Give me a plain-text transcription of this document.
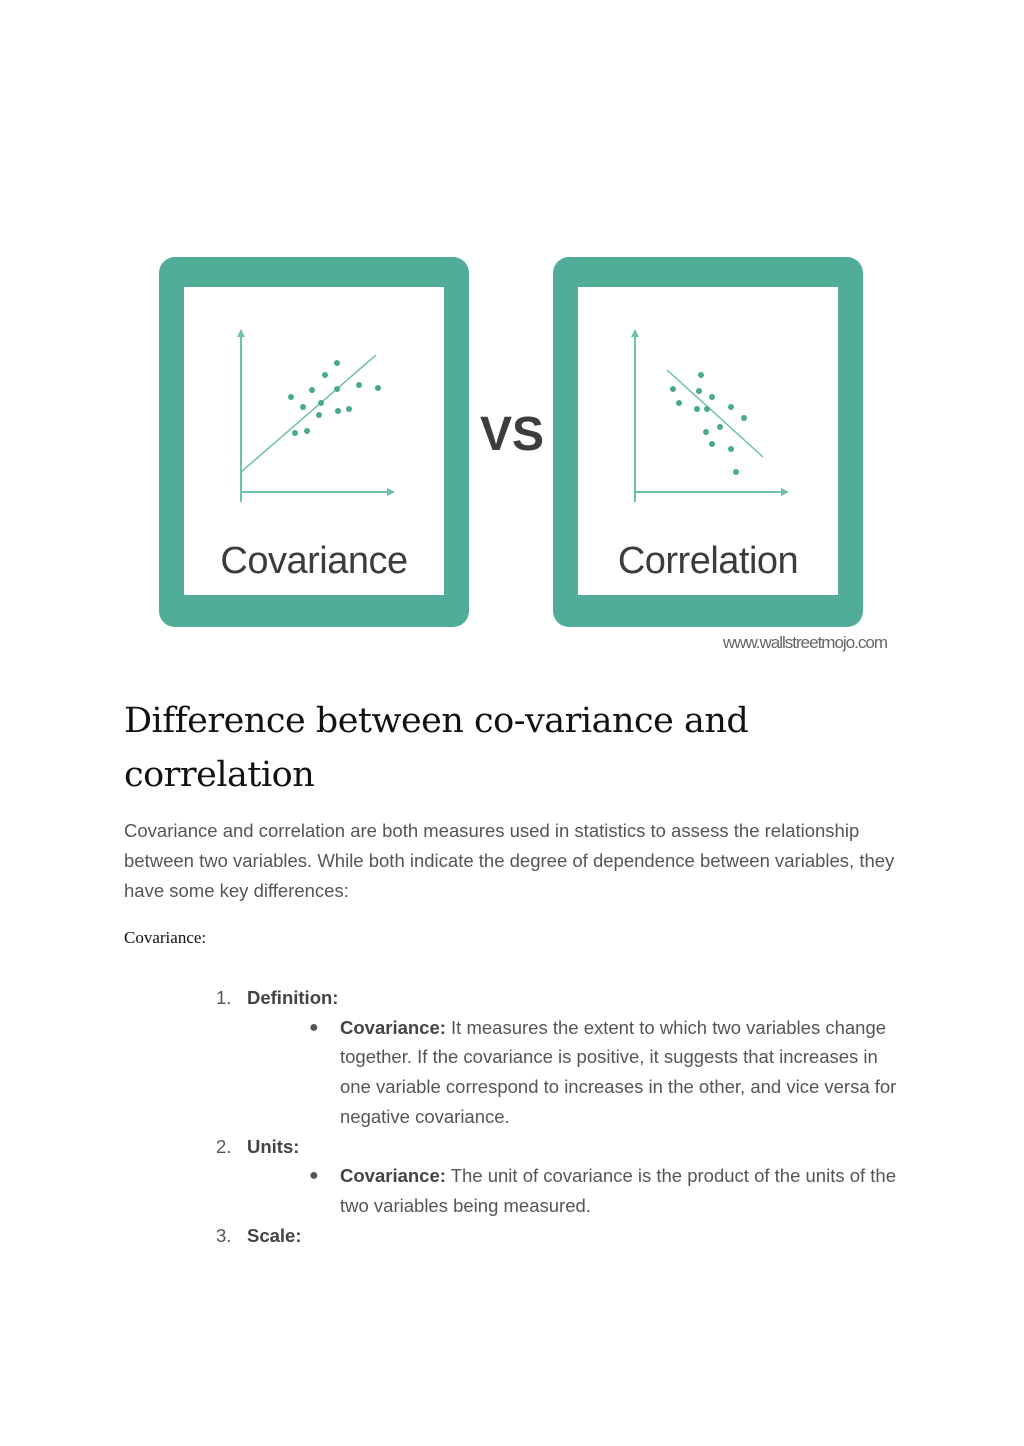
Covariance
VS
Correlation
www.wallstreetmojo.com
Difference between co-variance and correlation

Covariance and correlation are both measures used in statistics to assess the relationship between two variables. While both indicate the degree of dependence between variables, they have some key differences:

Covariance:
1. Definition:
● Covariance: It measures the extent to which two variables change together. If the covariance is positive, it suggests that increases in one variable correspond to increases in the other, and vice versa for negative covariance.
2. Units:
● Covariance: The unit of covariance is the product of the units of the two variables being measured.
3. Scale:
